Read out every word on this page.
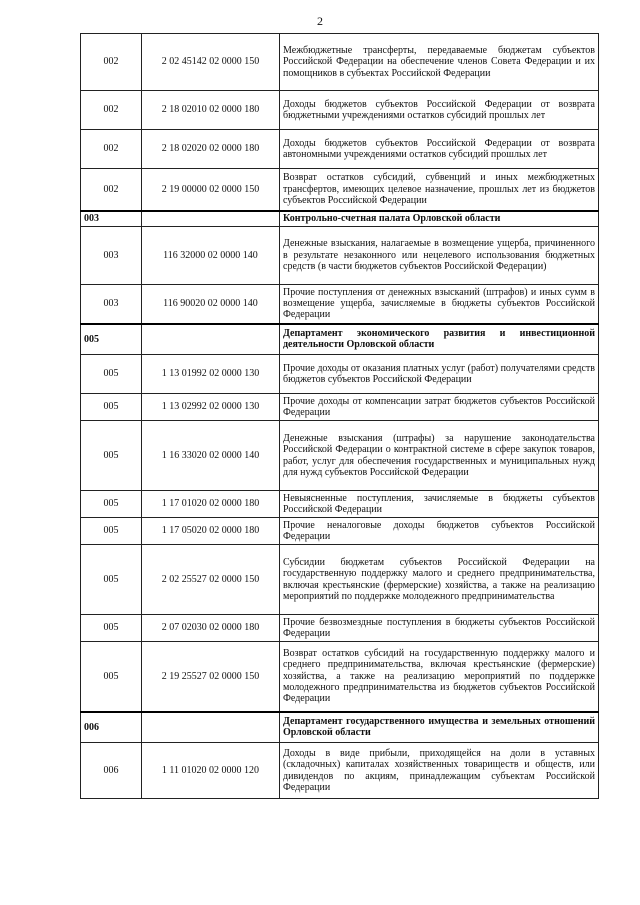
2
002	2 02 45142 02 0000 150	Межбюджетные трансферты, передаваемые бюджетам субъектов Российской Федерации на обеспечение членов Совета Федерации и их помощников в субъектах Российской Федерации
002	2 18 02010 02 0000 180	Доходы бюджетов субъектов Российской Федерации от возврата бюджетными учреждениями остатков субсидий прошлых лет
002	2 18 02020 02 0000 180	Доходы бюджетов субъектов Российской Федерации от возврата автономными учреждениями остатков субсидий прошлых лет
002	2 19 00000 02 0000 150	Возврат остатков субсидий, субвенций и иных межбюджетных трансфертов, имеющих целевое назначение, прошлых лет из бюджетов субъектов Российской Федерации
003		Контрольно-счетная палата Орловской области
003	116 32000 02 0000 140	Денежные взыскания, налагаемые в возмещение ущерба, причиненного в результате незаконного или нецелевого использования бюджетных средств (в части бюджетов субъектов Российской Федерации)
003	116 90020 02 0000 140	Прочие поступления от денежных взысканий (штрафов) и иных сумм в возмещение ущерба, зачисляемые в бюджеты субъектов Российской Федерации
005		Департамент экономического развития и инвестиционной деятельности Орловской области
005	1 13 01992 02 0000 130	Прочие доходы от оказания платных услуг (работ) получателями средств бюджетов субъектов Российской Федерации
005	1 13 02992 02 0000 130	Прочие доходы от компенсации затрат бюджетов субъектов Российской Федерации
005	1 16 33020 02 0000 140	Денежные взыскания (штрафы) за нарушение законодательства Российской Федерации о контрактной системе в сфере закупок товаров, работ, услуг для обеспечения государственных и муниципальных нужд для нужд субъектов Российской Федерации
005	1 17 01020 02 0000 180	Невыясненные поступления, зачисляемые в бюджеты субъектов Российской Федерации
005	1 17 05020 02 0000 180	Прочие неналоговые доходы бюджетов субъектов Российской Федерации
005	2 02 25527 02 0000 150	Субсидии бюджетам субъектов Российской Федерации на государственную поддержку малого и среднего предпринимательства, включая крестьянские (фермерские) хозяйства, а также на реализацию мероприятий по поддержке молодежного предпринимательства
005	2 07 02030 02 0000 180	Прочие безвозмездные поступления в бюджеты субъектов Российской Федерации
005	2 19 25527 02 0000 150	Возврат остатков субсидий на государственную поддержку малого и среднего предпринимательства, включая крестьянские (фермерские) хозяйства, а также на реализацию мероприятий по поддержке молодежного предпринимательства из бюджетов субъектов Российской Федерации
006		Департамент государственного имущества и земельных отношений Орловской области
006	1 11 01020 02 0000 120	Доходы в виде прибыли, приходящейся на доли в уставных (складочных) капиталах хозяйственных товариществ и обществ, или дивидендов по акциям, принадлежащим субъектам Российской Федерации
